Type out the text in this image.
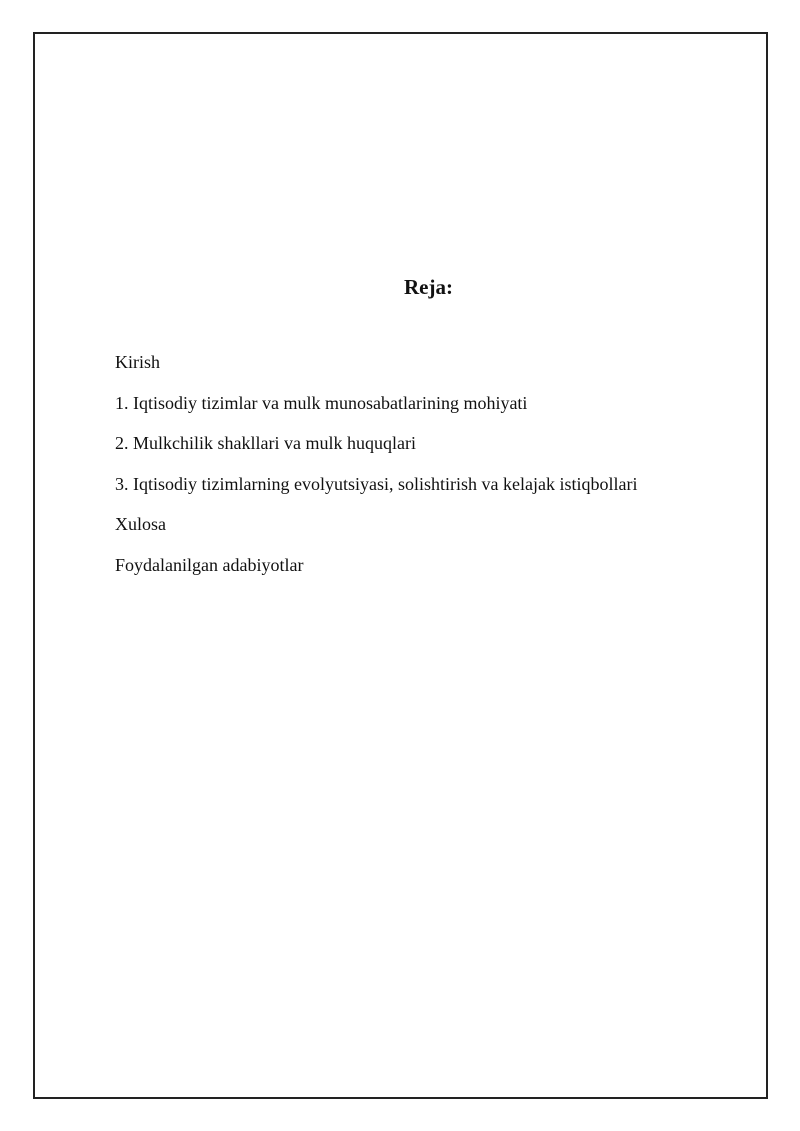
Reja:
Kirish
1. Iqtisodiy tizimlar va mulk munosabatlarining mohiyati
2. Mulkchilik shakllari va mulk huquqlari
3. Iqtisodiy tizimlarning evolyutsiyasi, solishtirish va kelajak istiqbollari
Xulosa
Foydalanilgan adabiyotlar
